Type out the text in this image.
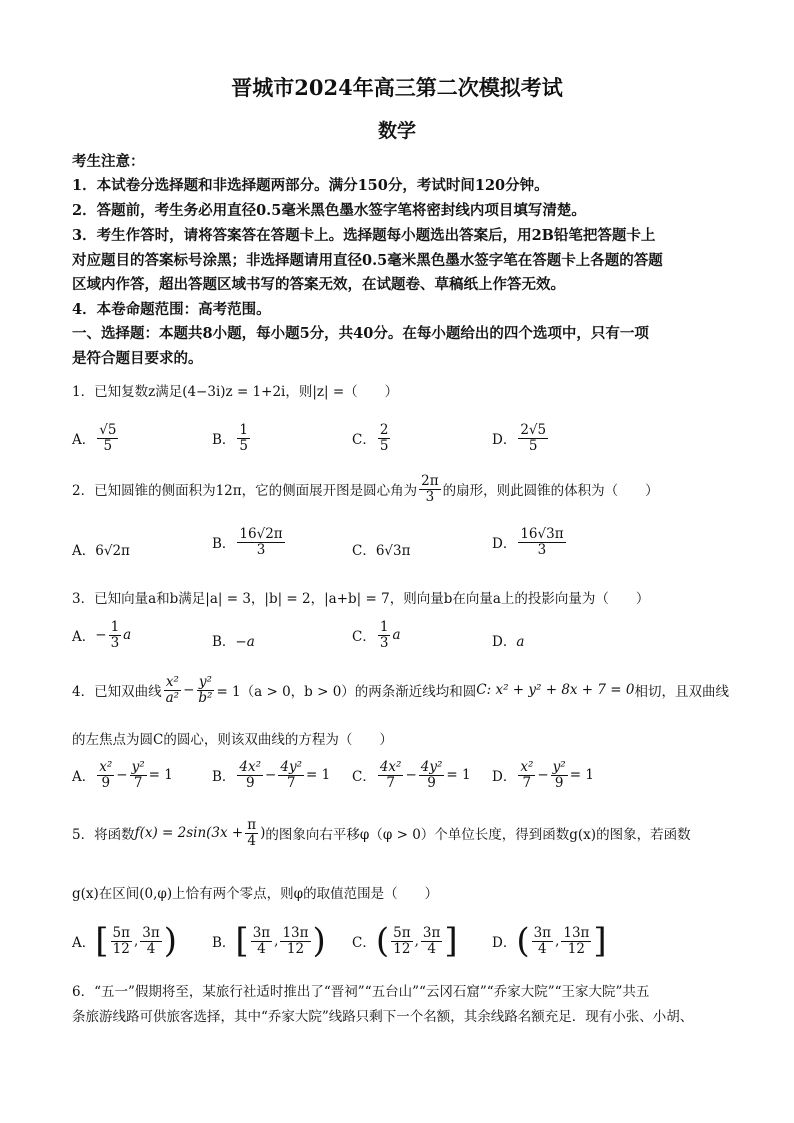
晋城市2024年高三第二次模拟考试
数学
考生注意：
1．本试卷分选择题和非选择题两部分。满分150分，考试时间120分钟。
2．答题前，考生务必用直径0.5毫米黑色墨水签字笔将密封线内项目填写清楚。
3．考生作答时，请将答案答在答题卡上。选择题每小题选出答案后，用2B铅笔把答题卡上
对应题目的答案标号涂黑；非选择题请用直径0.5毫米黑色墨水签字笔在答题卡上各题的答题
区域内作答，超出答题区域书写的答案无效，在试题卷、草稿纸上作答无效。
4．本卷命题范围：高考范围。
一、选择题：本题共8小题，每小题5分，共40分。在每小题给出的四个选项中，只有一项
是符合题目要求的。
1．已知复数z满足(4−3i)z = 1+2i，则|z| =（　　）
A． $\frac{√5}{5}$	B． $\frac{1}{5}$	C． $\frac{2}{5}$	D． $\frac{2√5}{5}$
2．已知圆锥的侧面积为12π，它的侧面展开图是圆心角为 $\frac{2\pi}{3}$ 的扇形，则此圆锥的体积为（　　）
A．6√2π	B． $\frac{16√2\pi}{3}$	C．6√3π	D． $\frac{16√3\pi}{3}$
3．已知向量a和b满足|a| = 3，|b| = 2，|a+b| = 7，则向量b在向量a上的投影向量为（　　）
A． − $\frac{1}{3}$ a	B．−a	C． $\frac{1}{3}$ a	D．a
4．已知双曲线 $\frac{\text{x²}}{\text{a²}} - \frac{\text{y²}}{\text{b²}} = 1(a > 0$，b > 0）的两条渐近线均和圆 C: x² + y² + 8x + 7 = 0 相切，且双曲线
的左焦点为圆C的圆心，则该双曲线的方程为（　　）
A． $\frac{\text{x²}}{9} - \frac{\text{y²}}{7} = 1$	B． $\frac{\text{4x²}}{9} - \frac{\text{4y²}}{7} = 1$ C． $\frac{\text{4x²}}{7} - \frac{\text{4y²}}{9} = 1$ D． $\frac{\text{x²}}{7} - \frac{\text{y²}}{9} = 1$
5．将函数 $f(x) = 2\sin(3x + \frac{\pi}{4}$ ) 的图象向右平移φ（φ > 0）个单位长度，得到函数g(x)的图象，若函数
g(x)在区间(0,φ)上恰有两个零点，则φ的取值范围是（　　）
A． [ $\frac{5\pi}{12}$ , $\frac{3\pi}{4}$ )	B． [ $\frac{3\pi}{4}$ , $\frac{13\pi}{12}$ ) C． ( $\frac{5\pi}{12}$ , $\frac{3\pi}{4}$ ]	D． ( $\frac{3\pi}{4}$ , $\frac{13\pi}{12}$ ]
6．“五一”假期将至，某旅行社适时推出了“晋祠”“五台山”“云冈石窟”“乔家大院”“王家大院”共五
条旅游线路可供旅客选择，其中“乔家大院”线路只剩下一个名额，其余线路名额充足．现有小张、小胡、
